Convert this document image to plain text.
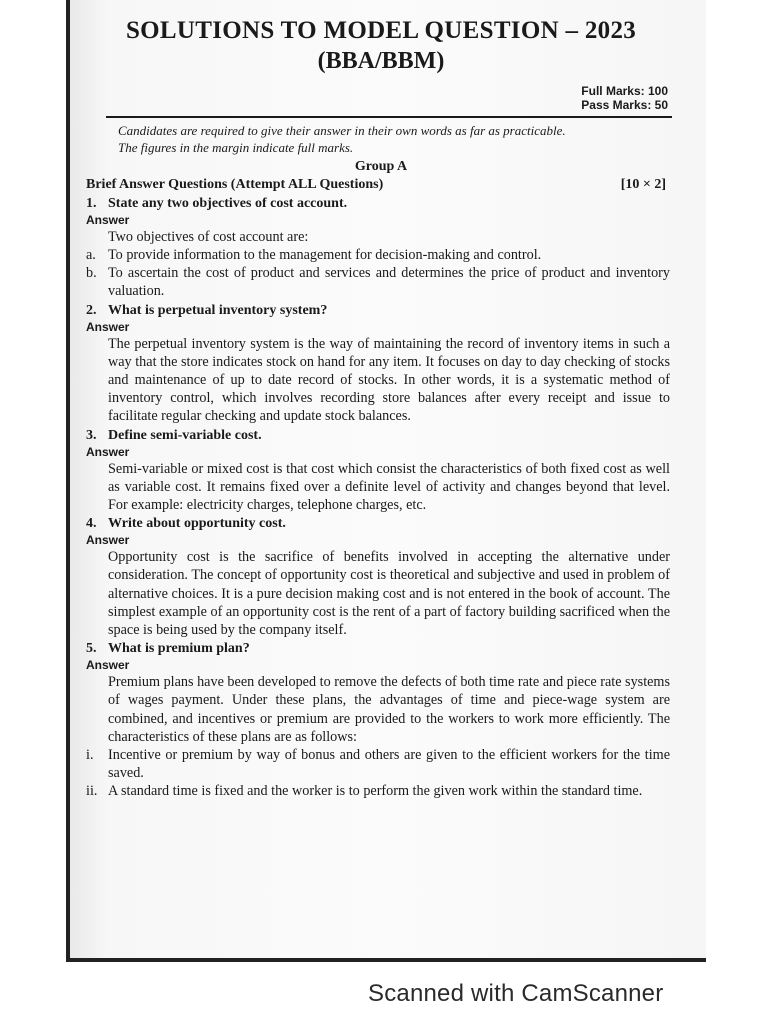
SOLUTIONS TO MODEL QUESTION – 2023
(BBA/BBM)
Full Marks: 100
Pass Marks: 50
Candidates are required to give their answer in their own words as far as practicable.
The figures in the margin indicate full marks.
Group A
Brief Answer Questions (Attempt ALL Questions)	[10 × 2]
1. State any two objectives of cost account.
Answer
Two objectives of cost account are:
a. To provide information to the management for decision-making and control.
b. To ascertain the cost of product and services and determines the price of product and inventory valuation.
2. What is perpetual inventory system?
Answer
The perpetual inventory system is the way of maintaining the record of inventory items in such a way that the store indicates stock on hand for any item. It focuses on day to day checking of stocks and maintenance of up to date record of stocks. In other words, it is a systematic method of inventory control, which involves recording store balances after every receipt and issue to facilitate regular checking and update stock balances.
3. Define semi-variable cost.
Answer
Semi-variable or mixed cost is that cost which consist the characteristics of both fixed cost as well as variable cost. It remains fixed over a definite level of activity and changes beyond that level. For example: electricity charges, telephone charges, etc.
4. Write about opportunity cost.
Answer
Opportunity cost is the sacrifice of benefits involved in accepting the alternative under consideration. The concept of opportunity cost is theoretical and subjective and used in problem of alternative choices. It is a pure decision making cost and is not entered in the book of account. The simplest example of an opportunity cost is the rent of a part of factory building sacrificed when the space is being used by the company itself.
5. What is premium plan?
Answer
Premium plans have been developed to remove the defects of both time rate and piece rate systems of wages payment. Under these plans, the advantages of time and piece-wage system are combined, and incentives or premium are provided to the workers to work more efficiently. The characteristics of these plans are as follows:
i.	Incentive or premium by way of bonus and others are given to the efficient workers for the time saved.
ii. A standard time is fixed and the worker is to perform the given work within the standard time.
Scanned with CamScanner
